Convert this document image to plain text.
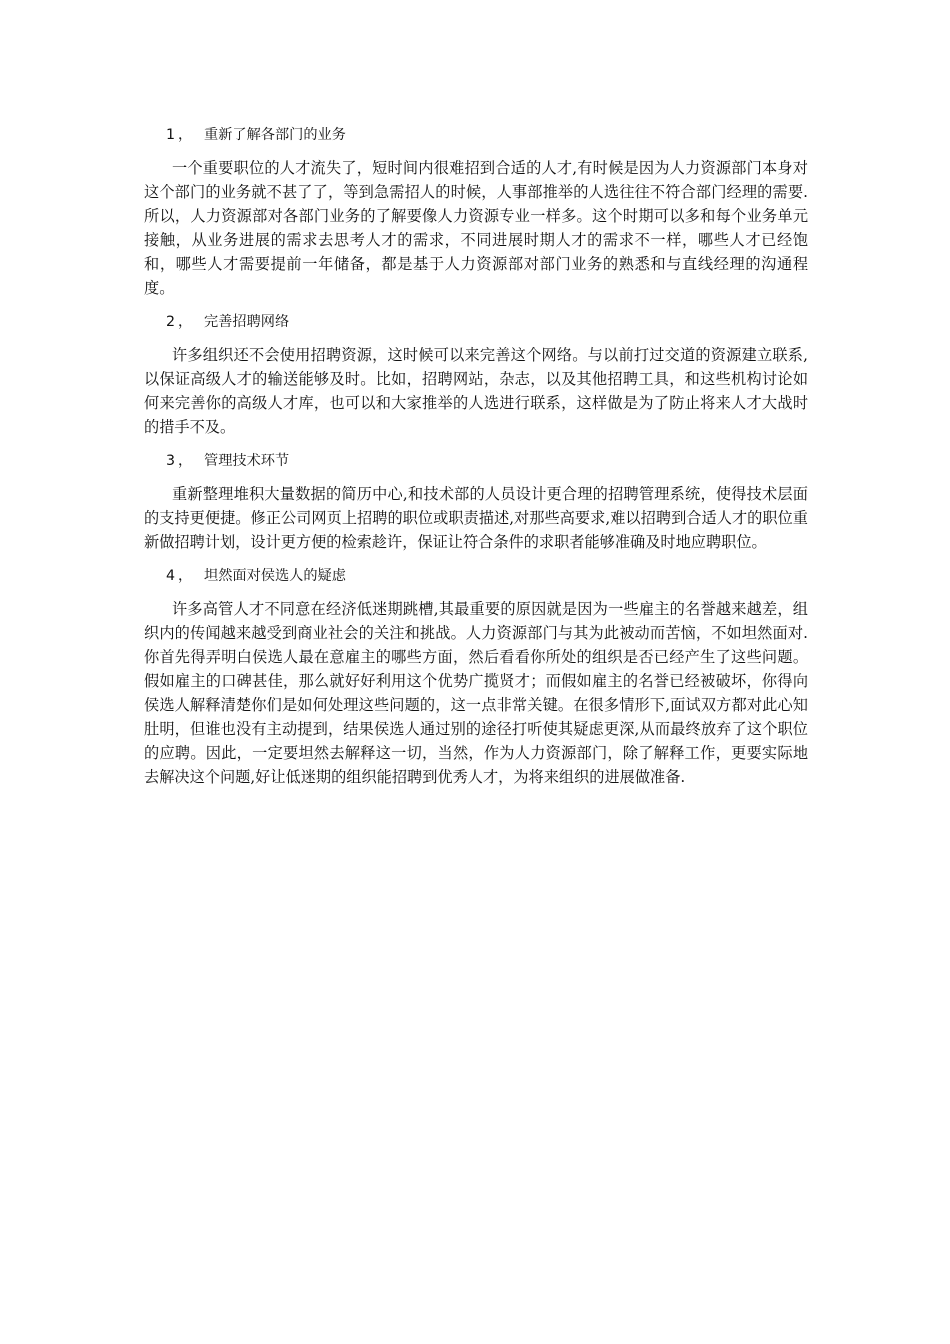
1 ， 重新了解各部门的业务

一个重要职位的人才流失了，短时间内很难招到合适的人才,有时候是因为人力资源部门本身对这个部门的业务就不甚了了，等到急需招人的时候，人事部推举的人选往往不符合部门经理的需要.所以，人力资源部对各部门业务的了解要像人力资源专业一样多。这个时期可以多和每个业务单元接触，从业务进展的需求去思考人才的需求，不同进展时期人才的需求不一样，哪些人才已经饱和，哪些人才需要提前一年储备，都是基于人力资源部对部门业务的熟悉和与直线经理的沟通程度。

2 ， 完善招聘网络

许多组织还不会使用招聘资源，这时候可以来完善这个网络。与以前打过交道的资源建立联系,以保证高级人才的输送能够及时。比如，招聘网站，杂志，以及其他招聘工具，和这些机构讨论如何来完善你的高级人才库，也可以和大家推举的人选进行联系，这样做是为了防止将来人才大战时的措手不及。

3 ， 管理技术环节

重新整理堆积大量数据的简历中心,和技术部的人员设计更合理的招聘管理系统，使得技术层面的支持更便捷。修正公司网页上招聘的职位或职责描述,对那些高要求,难以招聘到合适人才的职位重新做招聘计划，设计更方便的检索趁许，保证让符合条件的求职者能够准确及时地应聘职位。

4 ， 坦然面对侯选人的疑虑

许多高管人才不同意在经济低迷期跳槽,其最重要的原因就是因为一些雇主的名誉越来越差，组织内的传闻越来越受到商业社会的关注和挑战。人力资源部门与其为此被动而苦恼，不如坦然面对.你首先得弄明白侯选人最在意雇主的哪些方面，然后看看你所处的组织是否已经产生了这些问题。假如雇主的口碑甚佳，那么就好好利用这个优势广揽贤才；而假如雇主的名誉已经被破坏，你得向侯选人解释清楚你们是如何处理这些问题的，这一点非常关键。在很多情形下,面试双方都对此心知肚明，但谁也没有主动提到，结果侯选人通过别的途径打听使其疑虑更深,从而最终放弃了这个职位的应聘。因此，一定要坦然去解释这一切，当然，作为人力资源部门，除了解释工作，更要实际地去解决这个问题,好让低迷期的组织能招聘到优秀人才，为将来组织的进展做准备.
